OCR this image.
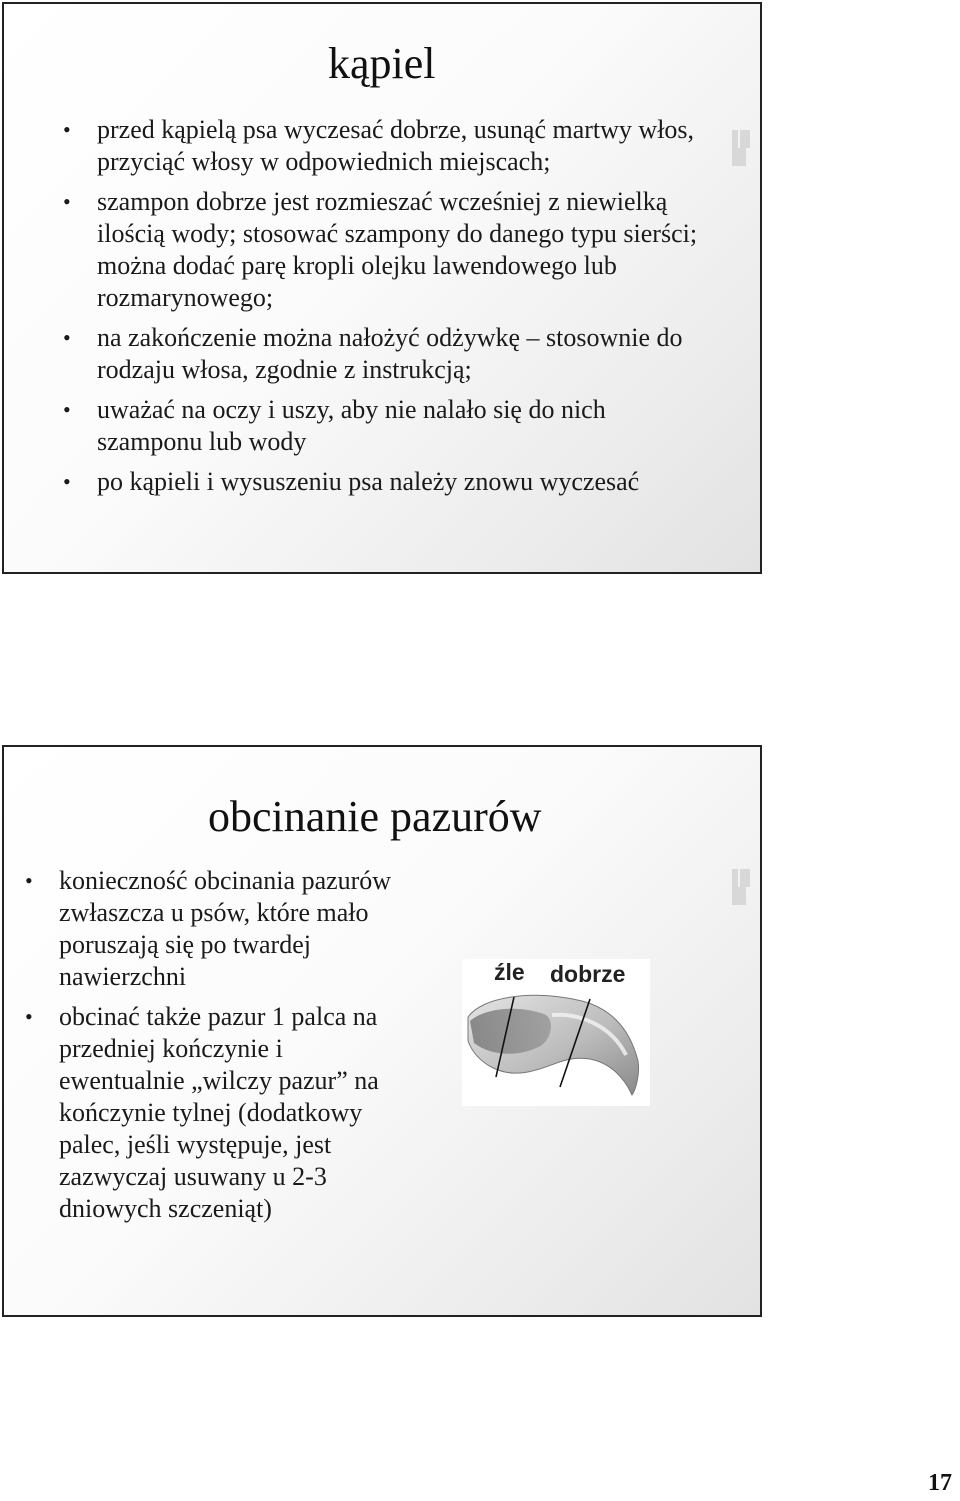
kąpiel
• przed kąpielą psa wyczesać dobrze, usunąć martwy włos, przyciąć włosy w odpowiednich miejscach;
• szampon dobrze jest rozmieszać wcześniej z niewielką ilością wody; stosować szampony do danego typu sierści; można dodać parę kropli olejku lawendowego lub rozmarynowego;
• na zakończenie można nałożyć odżywkę – stosownie do rodzaju włosa, zgodnie z instrukcją;
• uważać na oczy i uszy, aby nie nalało się do nich szamponu lub wody
• po kąpieli i wysuszeniu psa należy znowu wyczesać
obcinanie pazurów
• konieczność obcinania pazurów zwłaszcza u psów, które mało poruszają się po twardej nawierzchni
• obcinać także pazur 1 palca na przedniej kończynie i ewentualnie „wilczy pazur” na kończynie tylnej (dodatkowy palec, jeśli występuje, jest zazwyczaj usuwany u 2-3 dniowych szczeniąt)
źle dobrze
17
